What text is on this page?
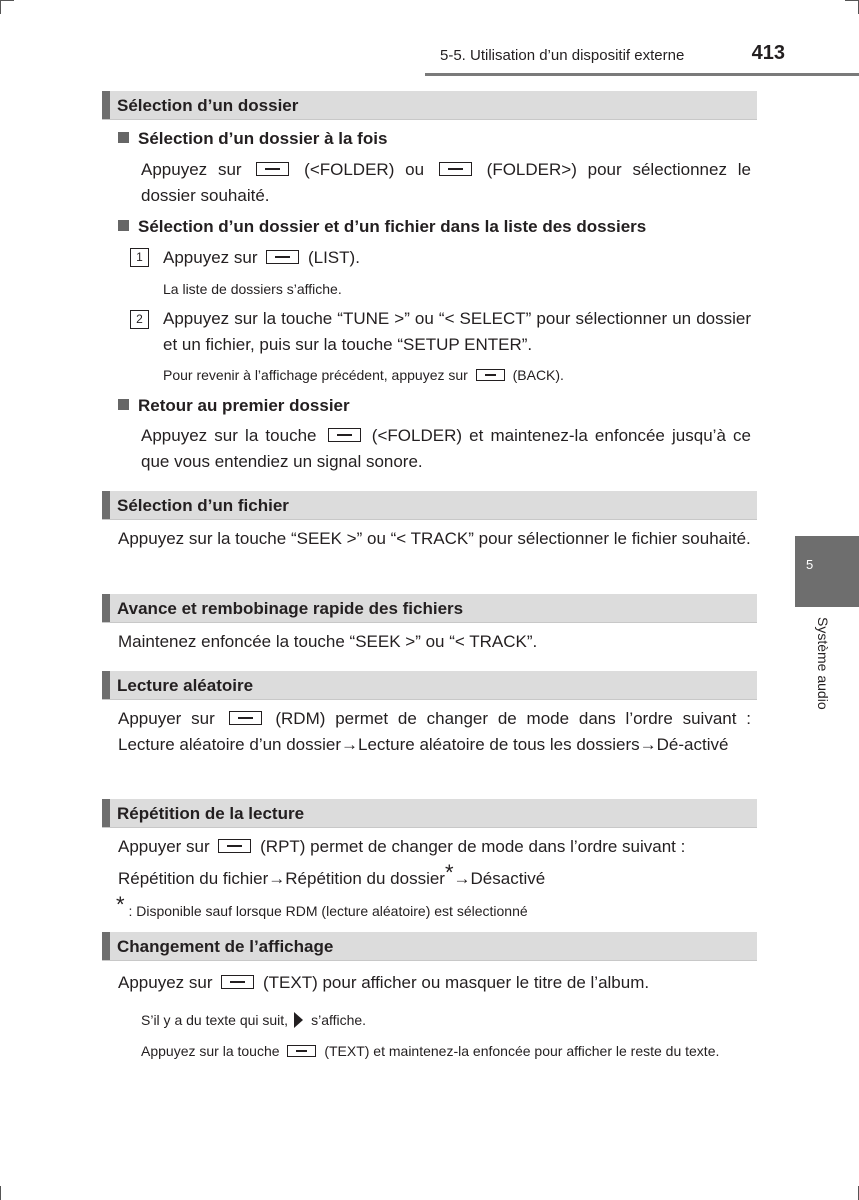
5-5. Utilisation d’un dispositif externe	413
5
Système audio
Sélection d’un dossier
Sélection d’un dossier à la fois

Appuyez sur	(<FOLDER) ou	(FOLDER>) pour sélectionnez le dossier souhaité.

Sélection d’un dossier et d’un fichier dans la liste des dossiers
1	Appuyez sur	(LIST).

La liste de dossiers s’affiche.

2	Appuyez sur la touche “TUNE >” ou “< SELECT” pour sélectionner un dossier et un fichier, puis sur la touche “SETUP ENTER”.

Pour revenir à l’affichage précédent, appuyez sur	(BACK).

Retour au premier dossier

Appuyez sur la touche	(<FOLDER) et maintenez-la enfoncée jusqu’à ce que vous entendiez un signal sonore.

Sélection d’un fichier

Appuyez sur la touche “SEEK >” ou “< TRACK” pour sélectionner le fichier souhaité.

Avance et rembobinage rapide des fichiers

Maintenez enfoncée la touche “SEEK >” ou “< TRACK”.

Lecture aléatoire

Appuyer sur	(RDM) permet de changer de mode dans l’ordre suivant : Lecture aléatoire d’un dossier→Lecture aléatoire de tous les dossiers→Dé-activé

Répétition de la lecture

Appuyer sur	(RPT) permet de changer de mode dans l’ordre suivant :

Répétition du fichier→Répétition du dossier*→Désactivé

* : Disponible sauf lorsque RDM (lecture aléatoire) est sélectionné

Changement de l’affichage

Appuyez sur	(TEXT) pour afficher ou masquer le titre de l’album.

S’il y a du texte qui suit, s’affiche.

Appuyez sur la touche	(TEXT) et maintenez-la enfoncée pour afficher le reste du texte.
